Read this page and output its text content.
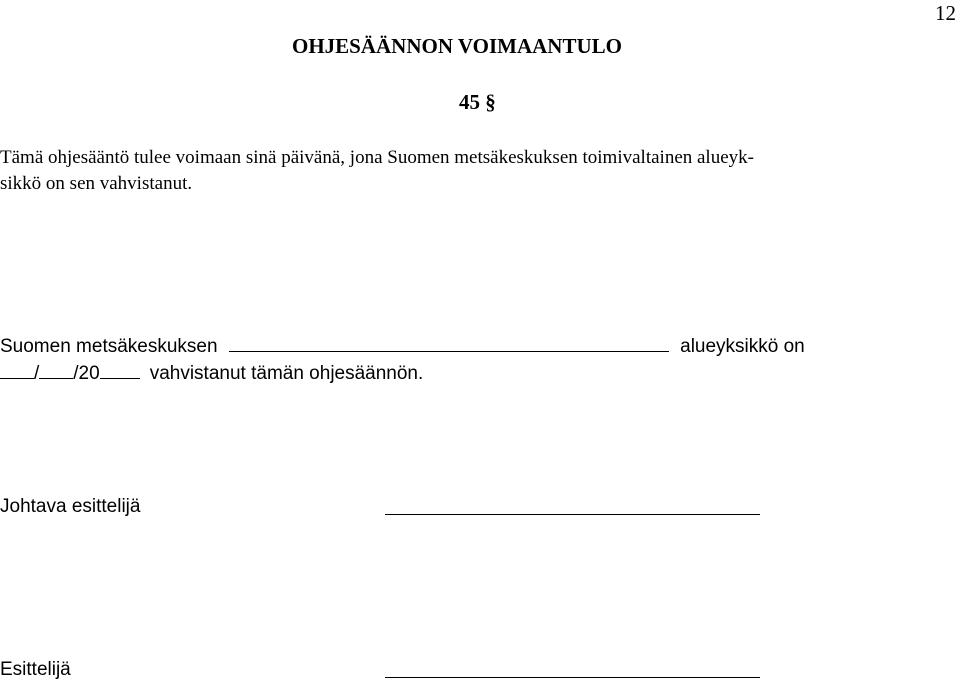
12
OHJESÄÄNNON VOIMAANTULO
45 §
Tämä ohjesääntö tulee voimaan sinä päivänä, jona Suomen metsäkeskuksen toimivaltainen alueyk-
sikkö on sen vahvistanut.
Suomen metsäkeskuksen	alueyksikkö on
/ /20	vahvistanut tämän ohjesäännön.
Johtava esittelijä
Esittelijä
